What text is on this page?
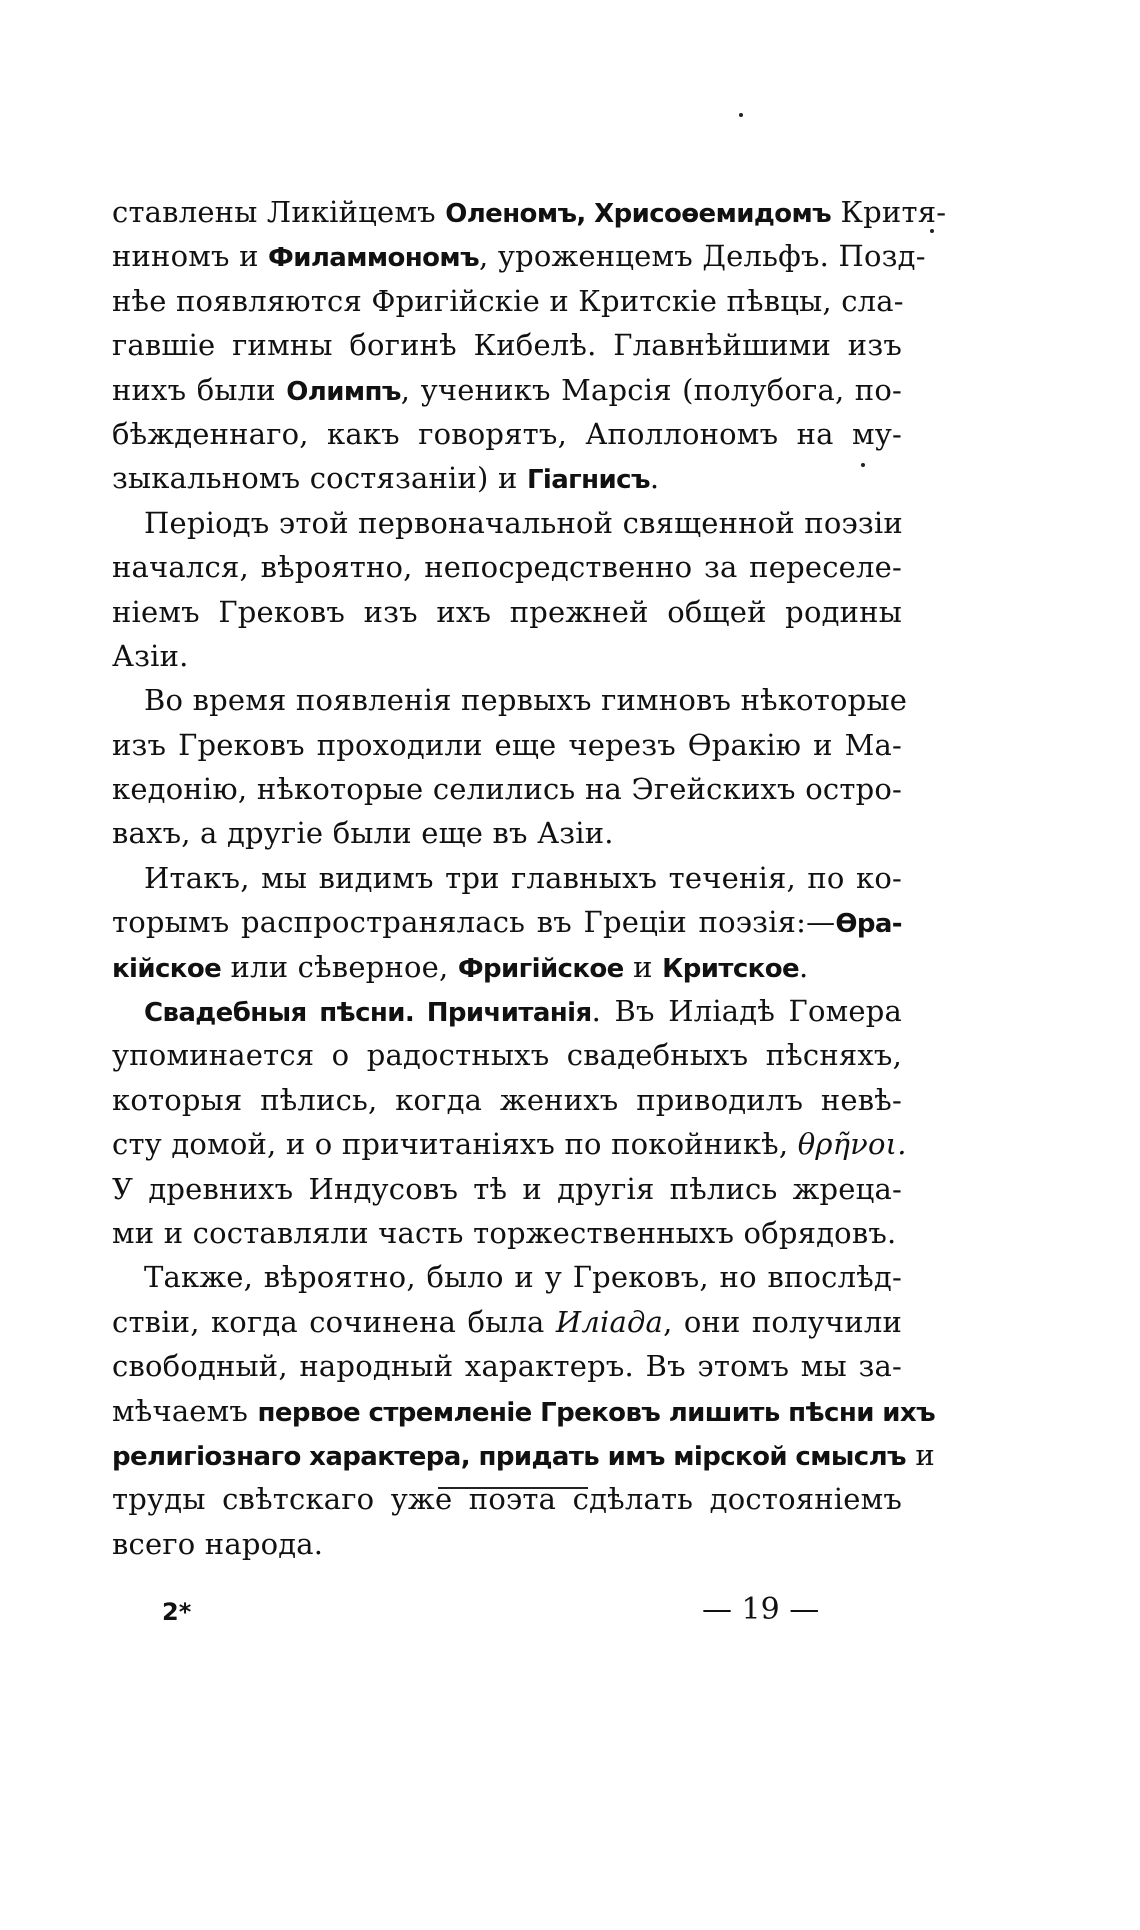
ставлены Ликійцемъ Оленомъ, Хрисоѳемидомъ Критя-
ниномъ и Филаммономъ, уроженцемъ Дельфъ. Позд-
нѣе появляются Фригійскіе и Критскіе пѣвцы, сла-
гавшіе гимны богинѣ Кибелѣ. Главнѣйшими изъ
нихъ были Олимпъ, ученикъ Марсія (полубога, по-
бѣжденнаго, какъ говорятъ, Аполлономъ на му-
зыкальномъ состязаніи) и Гіагнисъ.
Періодъ этой первоначальной священной поэзіи
начался, вѣроятно, непосредственно за переселе-
ніемъ Грековъ изъ ихъ прежней общей родины
Азіи.
Во время появленія первыхъ гимновъ нѣкоторые
изъ Грековъ проходили еще черезъ Ѳракію и Ма-
кедонію, нѣкоторые селились на Эгейскихъ остро-
вахъ, а другіе были еще въ Азіи.
Итакъ, мы видимъ три главныхъ теченія, по ко-
торымъ распространялась въ Греціи поэзія:—Ѳра-
кійское или сѣверное, Фригійское и Критское.
Свадебныя пѣсни. Причитанія. Въ Иліадѣ Гомера
упоминается о радостныхъ свадебныхъ пѣсняхъ,
которыя пѣлись, когда женихъ приводилъ невѣ-
сту домой, и о причитаніяхъ по покойникѣ, θρῆνοι.
У древнихъ Индусовъ тѣ и другія пѣлись жреца-
ми и составляли часть торжественныхъ обрядовъ.
Также, вѣроятно, было и у Грековъ, но впослѣд-
ствіи, когда сочинена была Иліада, они получили
свободный, народный характеръ. Въ этомъ мы за-
мѣчаемъ первое стремленіе Грековъ лишить пѣсни ихъ
религіознаго характера, придать имъ мірской смыслъ и
труды свѣтскаго уже поэта сдѣлать достояніемъ
всего народа.
2*	— 19 —
